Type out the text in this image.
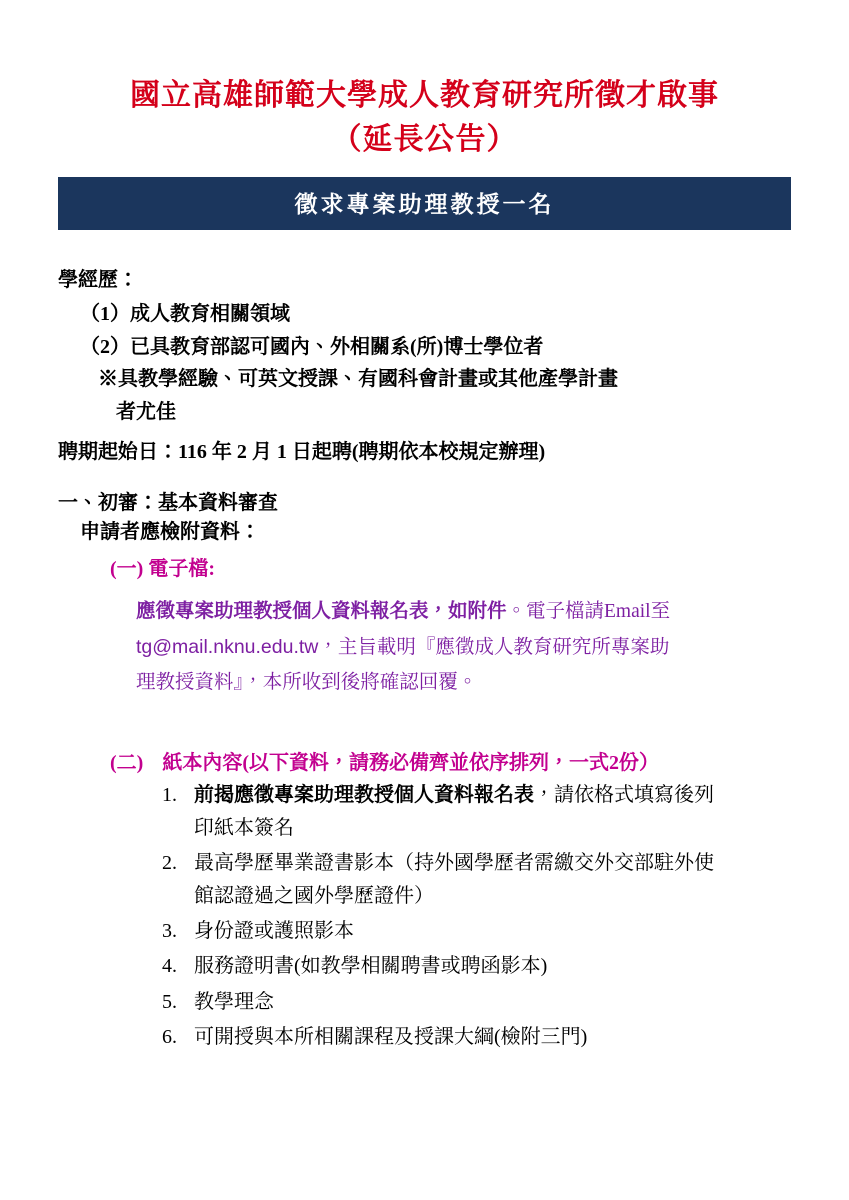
國立高雄師範大學成人教育研究所徵才啟事
（延長公告）
徵求專案助理教授一名
學經歷：
（1）成人教育相關領域
（2）已具教育部認可國內、外相關系(所)博士學位者
※具教學經驗、可英文授課、有國科會計畫或其他產學計畫
者尤佳
聘期起始日：116 年 2 月 1 日起聘(聘期依本校規定辦理)
一、初審：基本資料審查
申請者應檢附資料：
(一) 電子檔:
應徵專案助理教授個人資料報名表，如附件。電子檔請Email至
tg@mail.nknu.edu.tw，主旨載明『應徵成人教育研究所專案助
理教授資料』，本所收到後將確認回覆。
(二) 紙本內容(以下資料，請務必備齊並依序排列，一式2份）
1. 前揭應徵專案助理教授個人資料報名表，請依格式填寫後列
印紙本簽名
2. 最高學歷畢業證書影本（持外國學歷者需繳交外交部駐外使
館認證過之國外學歷證件）
3. 身份證或護照影本
4. 服務證明書(如教學相關聘書或聘函影本)
5. 教學理念
6. 可開授與本所相關課程及授課大綱(檢附三門)
